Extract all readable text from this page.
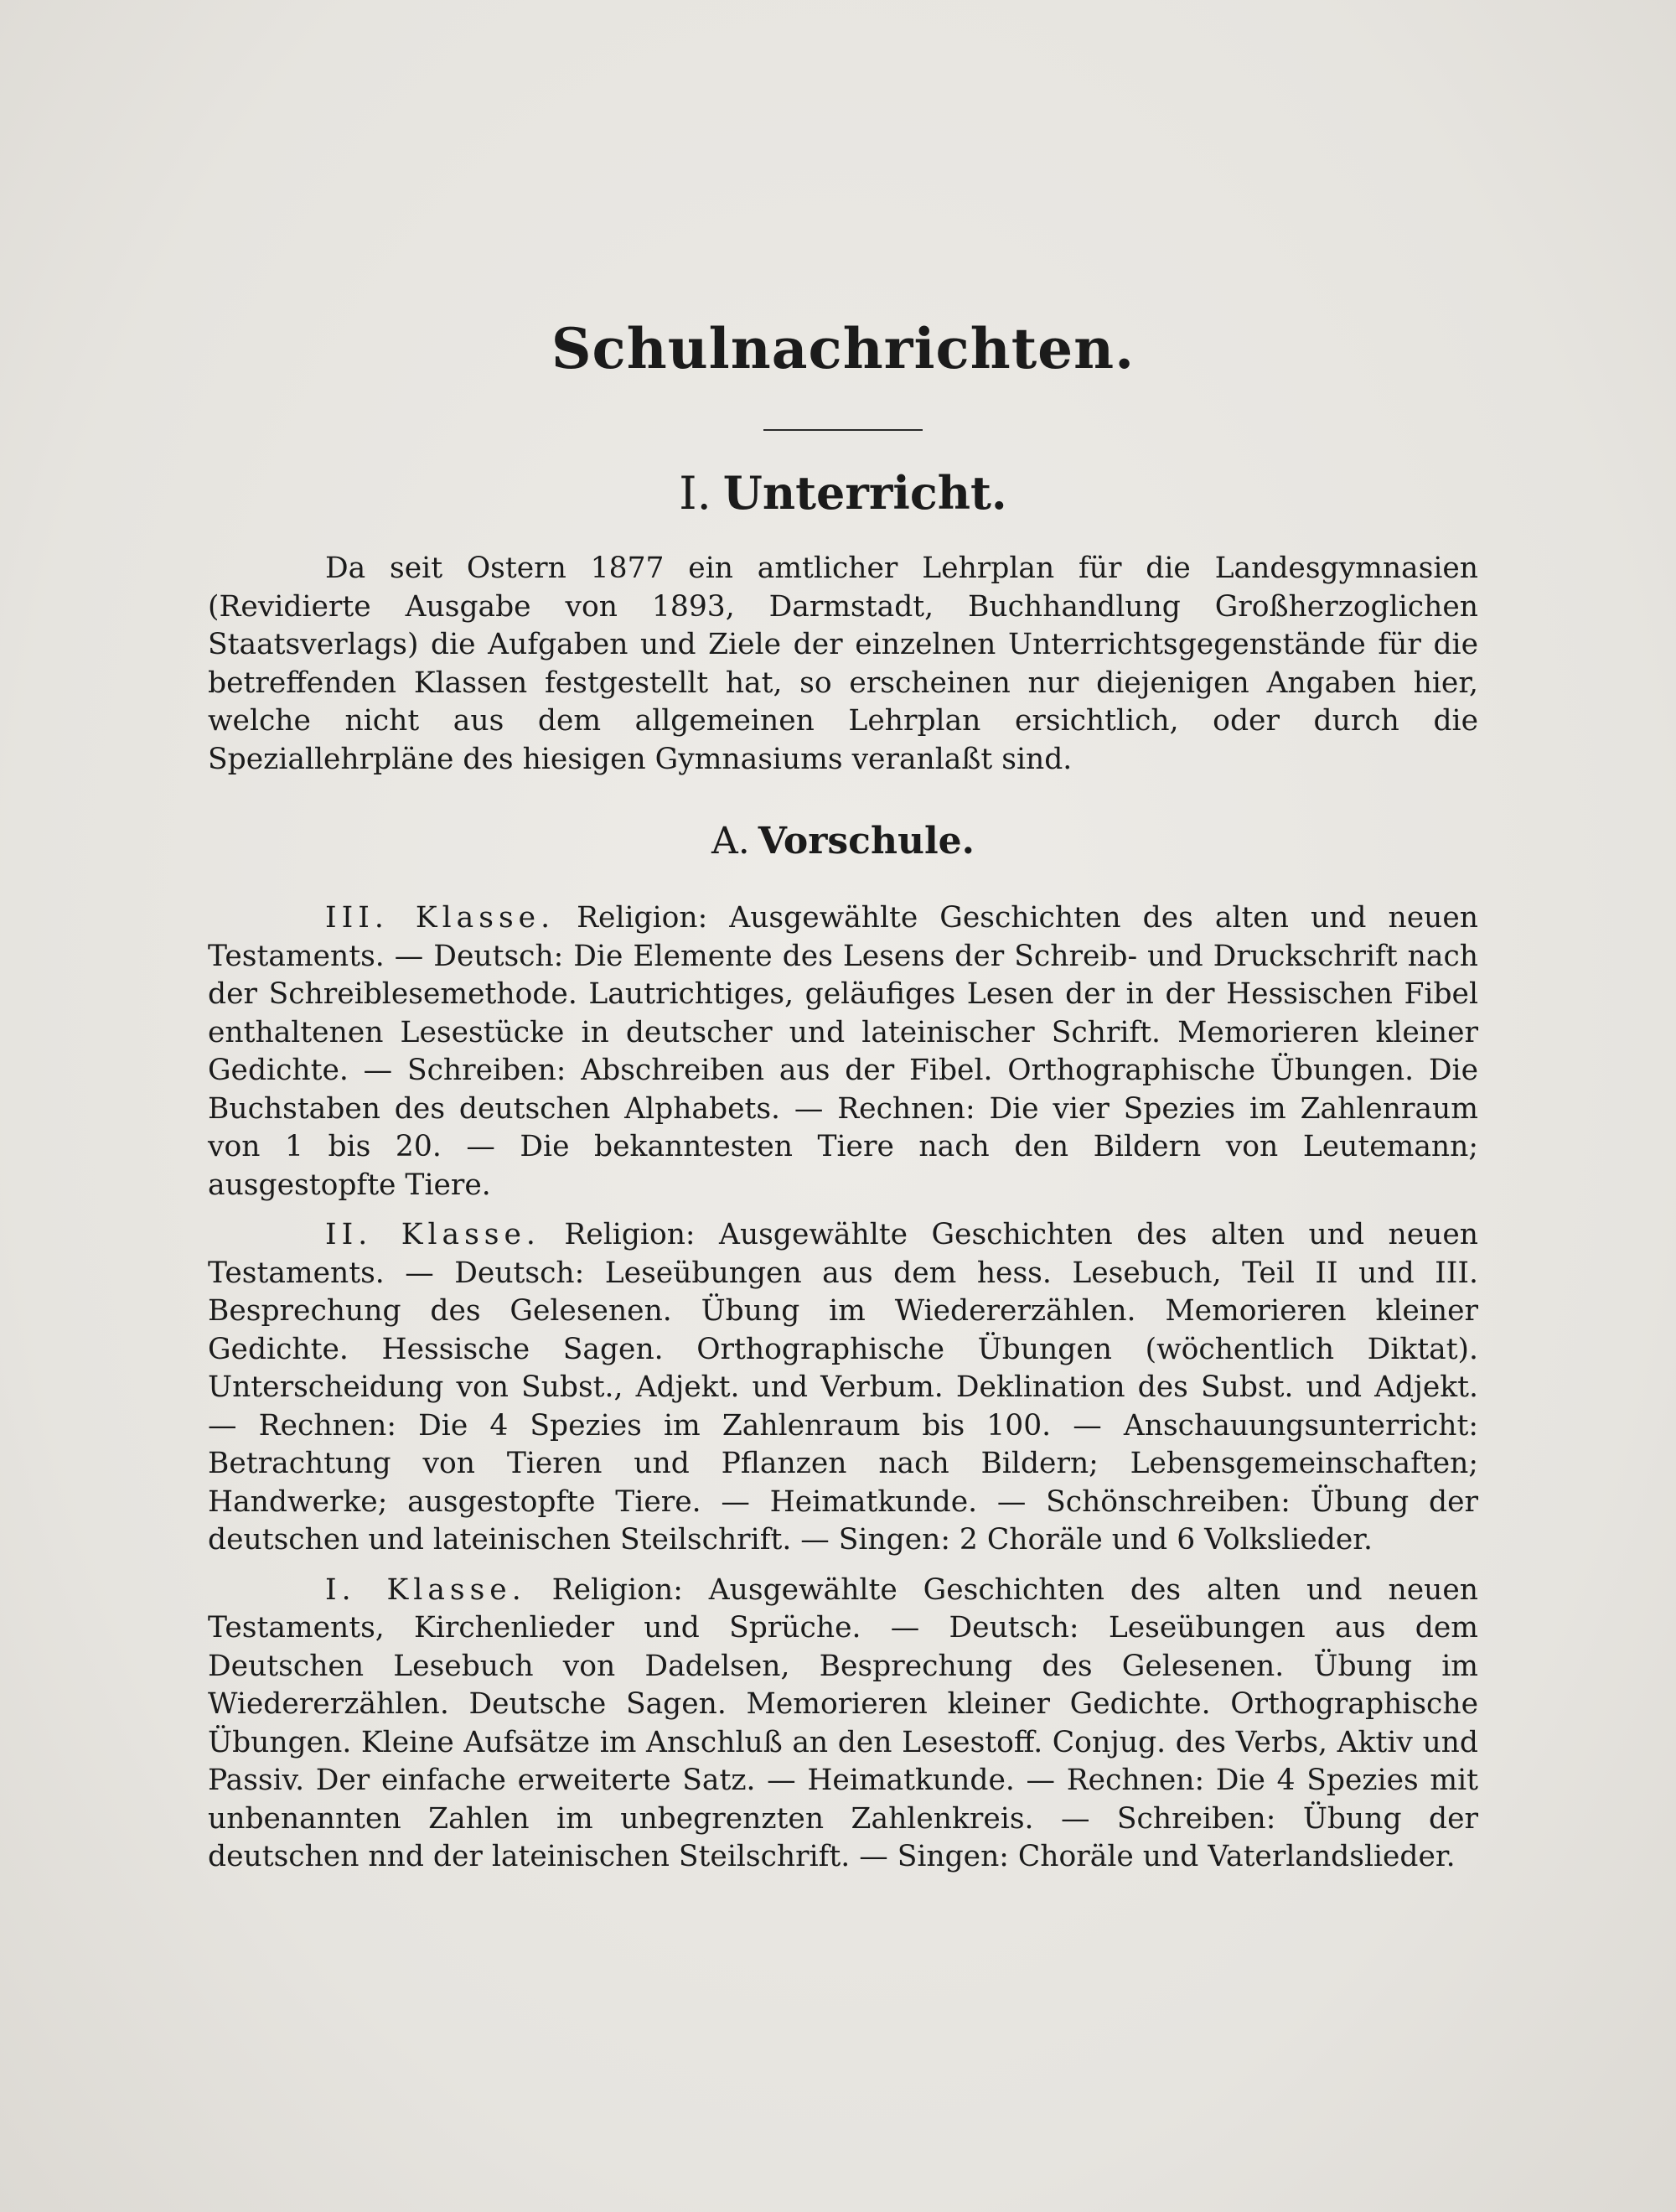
Schulnachrichten.
I. Unterricht.

Da seit Ostern 1877 ein amtlicher Lehrplan für die Landesgymnasien (Revidierte Ausgabe von 1893, Darmstadt, Buchhandlung Großherzoglichen Staatsverlags) die Aufgaben und Ziele der einzelnen Unterrichtsgegenstände für die betreffenden Klassen festgestellt hat, so erscheinen nur diejenigen Angaben hier, welche nicht aus dem allgemeinen Lehrplan ersichtlich, oder durch die Speziallehrpläne des hiesigen Gymnasiums veranlaßt sind.

A. Vorschule.

III. Klasse. Religion: Ausgewählte Geschichten des alten und neuen Testaments. — Deutsch: Die Elemente des Lesens der Schreib- und Druckschrift nach der Schreiblesemethode. Lautrichtiges, geläufiges Lesen der in der Hessischen Fibel enthaltenen Lesestücke in deutscher und lateinischer Schrift. Memorieren kleiner Gedichte. — Schreiben: Abschreiben aus der Fibel. Orthographische Übungen. Die Buchstaben des deutschen Alphabets. — Rechnen: Die vier Spezies im Zahlenraum von 1 bis 20. — Die bekanntesten Tiere nach den Bildern von Leutemann; ausgestopfte Tiere.

II. Klasse. Religion: Ausgewählte Geschichten des alten und neuen Testaments. — Deutsch: Leseübungen aus dem hess. Lesebuch, Teil II und III. Besprechung des Gelesenen. Übung im Wiedererzählen. Memorieren kleiner Gedichte. Hessische Sagen. Orthographische Übungen (wöchentlich Diktat). Unterscheidung von Subst., Adjekt. und Verbum. Deklination des Subst. und Adjekt. — Rechnen: Die 4 Spezies im Zahlenraum bis 100. — Anschauungsunterricht: Betrachtung von Tieren und Pflanzen nach Bildern; Lebensgemeinschaften; Handwerke; ausgestopfte Tiere. — Heimatkunde. — Schönschreiben: Übung der deutschen und lateinischen Steilschrift. — Singen: 2 Choräle und 6 Volkslieder.

I. Klasse. Religion: Ausgewählte Geschichten des alten und neuen Testaments, Kirchenlieder und Sprüche. — Deutsch: Leseübungen aus dem Deutschen Lesebuch von Dadelsen, Besprechung des Gelesenen. Übung im Wiedererzählen. Deutsche Sagen. Memorieren kleiner Gedichte. Orthographische Übungen. Kleine Aufsätze im Anschluß an den Lesestoff. Conjug. des Verbs, Aktiv und Passiv. Der einfache erweiterte Satz. — Heimatkunde. — Rechnen: Die 4 Spezies mit unbenannten Zahlen im unbegrenzten Zahlenkreis. — Schreiben: Übung der deutschen nnd der lateinischen Steilschrift. — Singen: Choräle und Vaterlandslieder.
